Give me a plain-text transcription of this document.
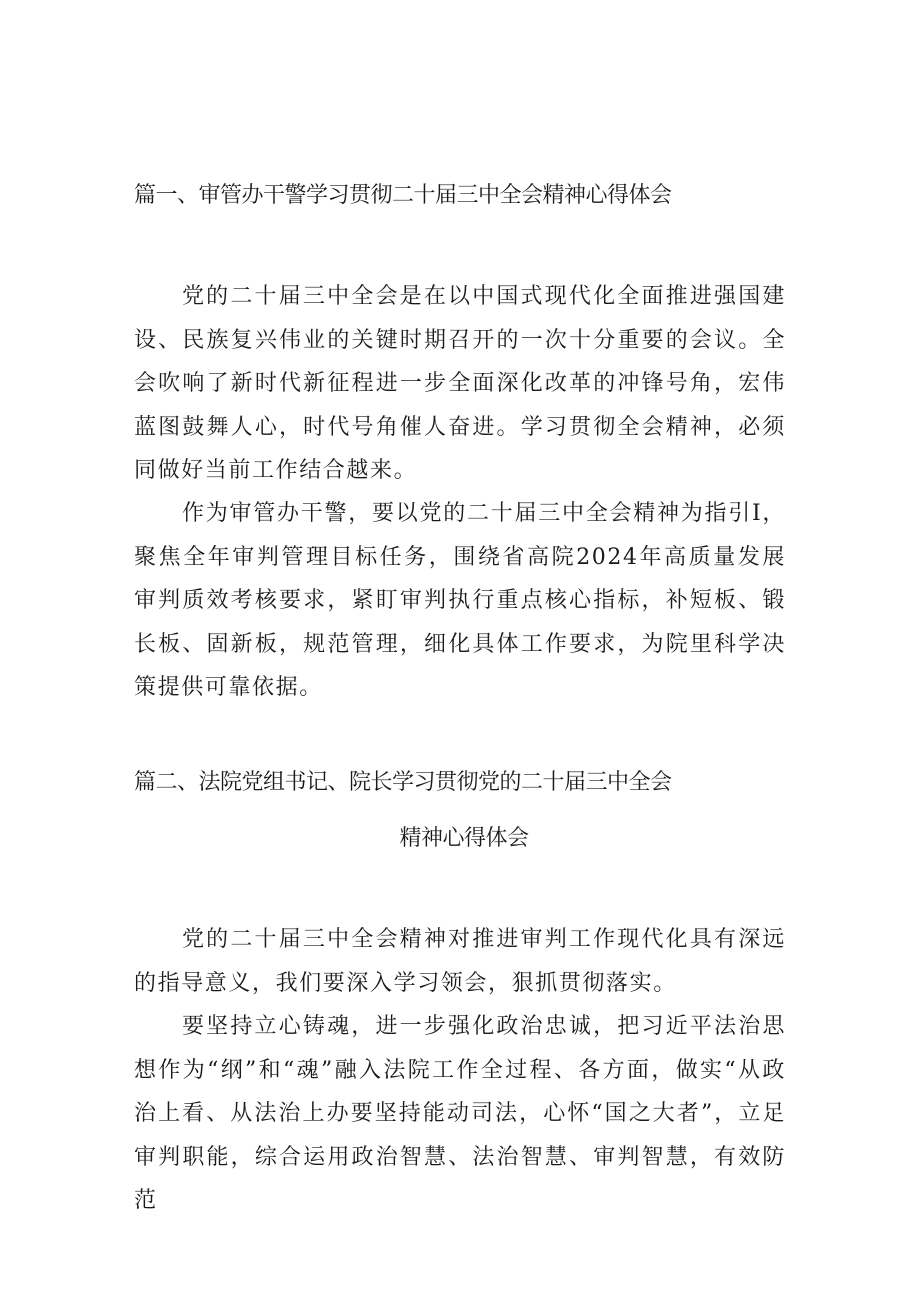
篇一、审管办干警学习贯彻二十届三中全会精神心得体会

党的二十届三中全会是在以中国式现代化全面推进强国建设、民族复兴伟业的关键时期召开的一次十分重要的会议。全会吹响了新时代新征程进一步全面深化改革的冲锋号角，宏伟蓝图鼓舞人心，时代号角催人奋进。学习贯彻全会精神，必须同做好当前工作结合越来。

作为审管办干警，要以党的二十届三中全会精神为指引I，聚焦全年审判管理目标任务，围绕省高院2024年高质量发展审判质效考核要求，紧盯审判执行重点核心指标，补短板、锻长板、固新板，规范管理，细化具体工作要求，为院里科学决策提供可靠依据。

篇二、法院党组书记、院长学习贯彻党的二十届三中全会
精神心得体会

党的二十届三中全会精神对推进审判工作现代化具有深远的指导意义，我们要深入学习领会，狠抓贯彻落实。

要坚持立心铸魂，进一步强化政治忠诚，把习近平法治思想作为“纲”和“魂”融入法院工作全过程、各方面，做实“从政治上看、从法治上办要坚持能动司法，心怀“国之大者”，立足审判职能，综合运用政治智慧、法治智慧、审判智慧，有效防范
